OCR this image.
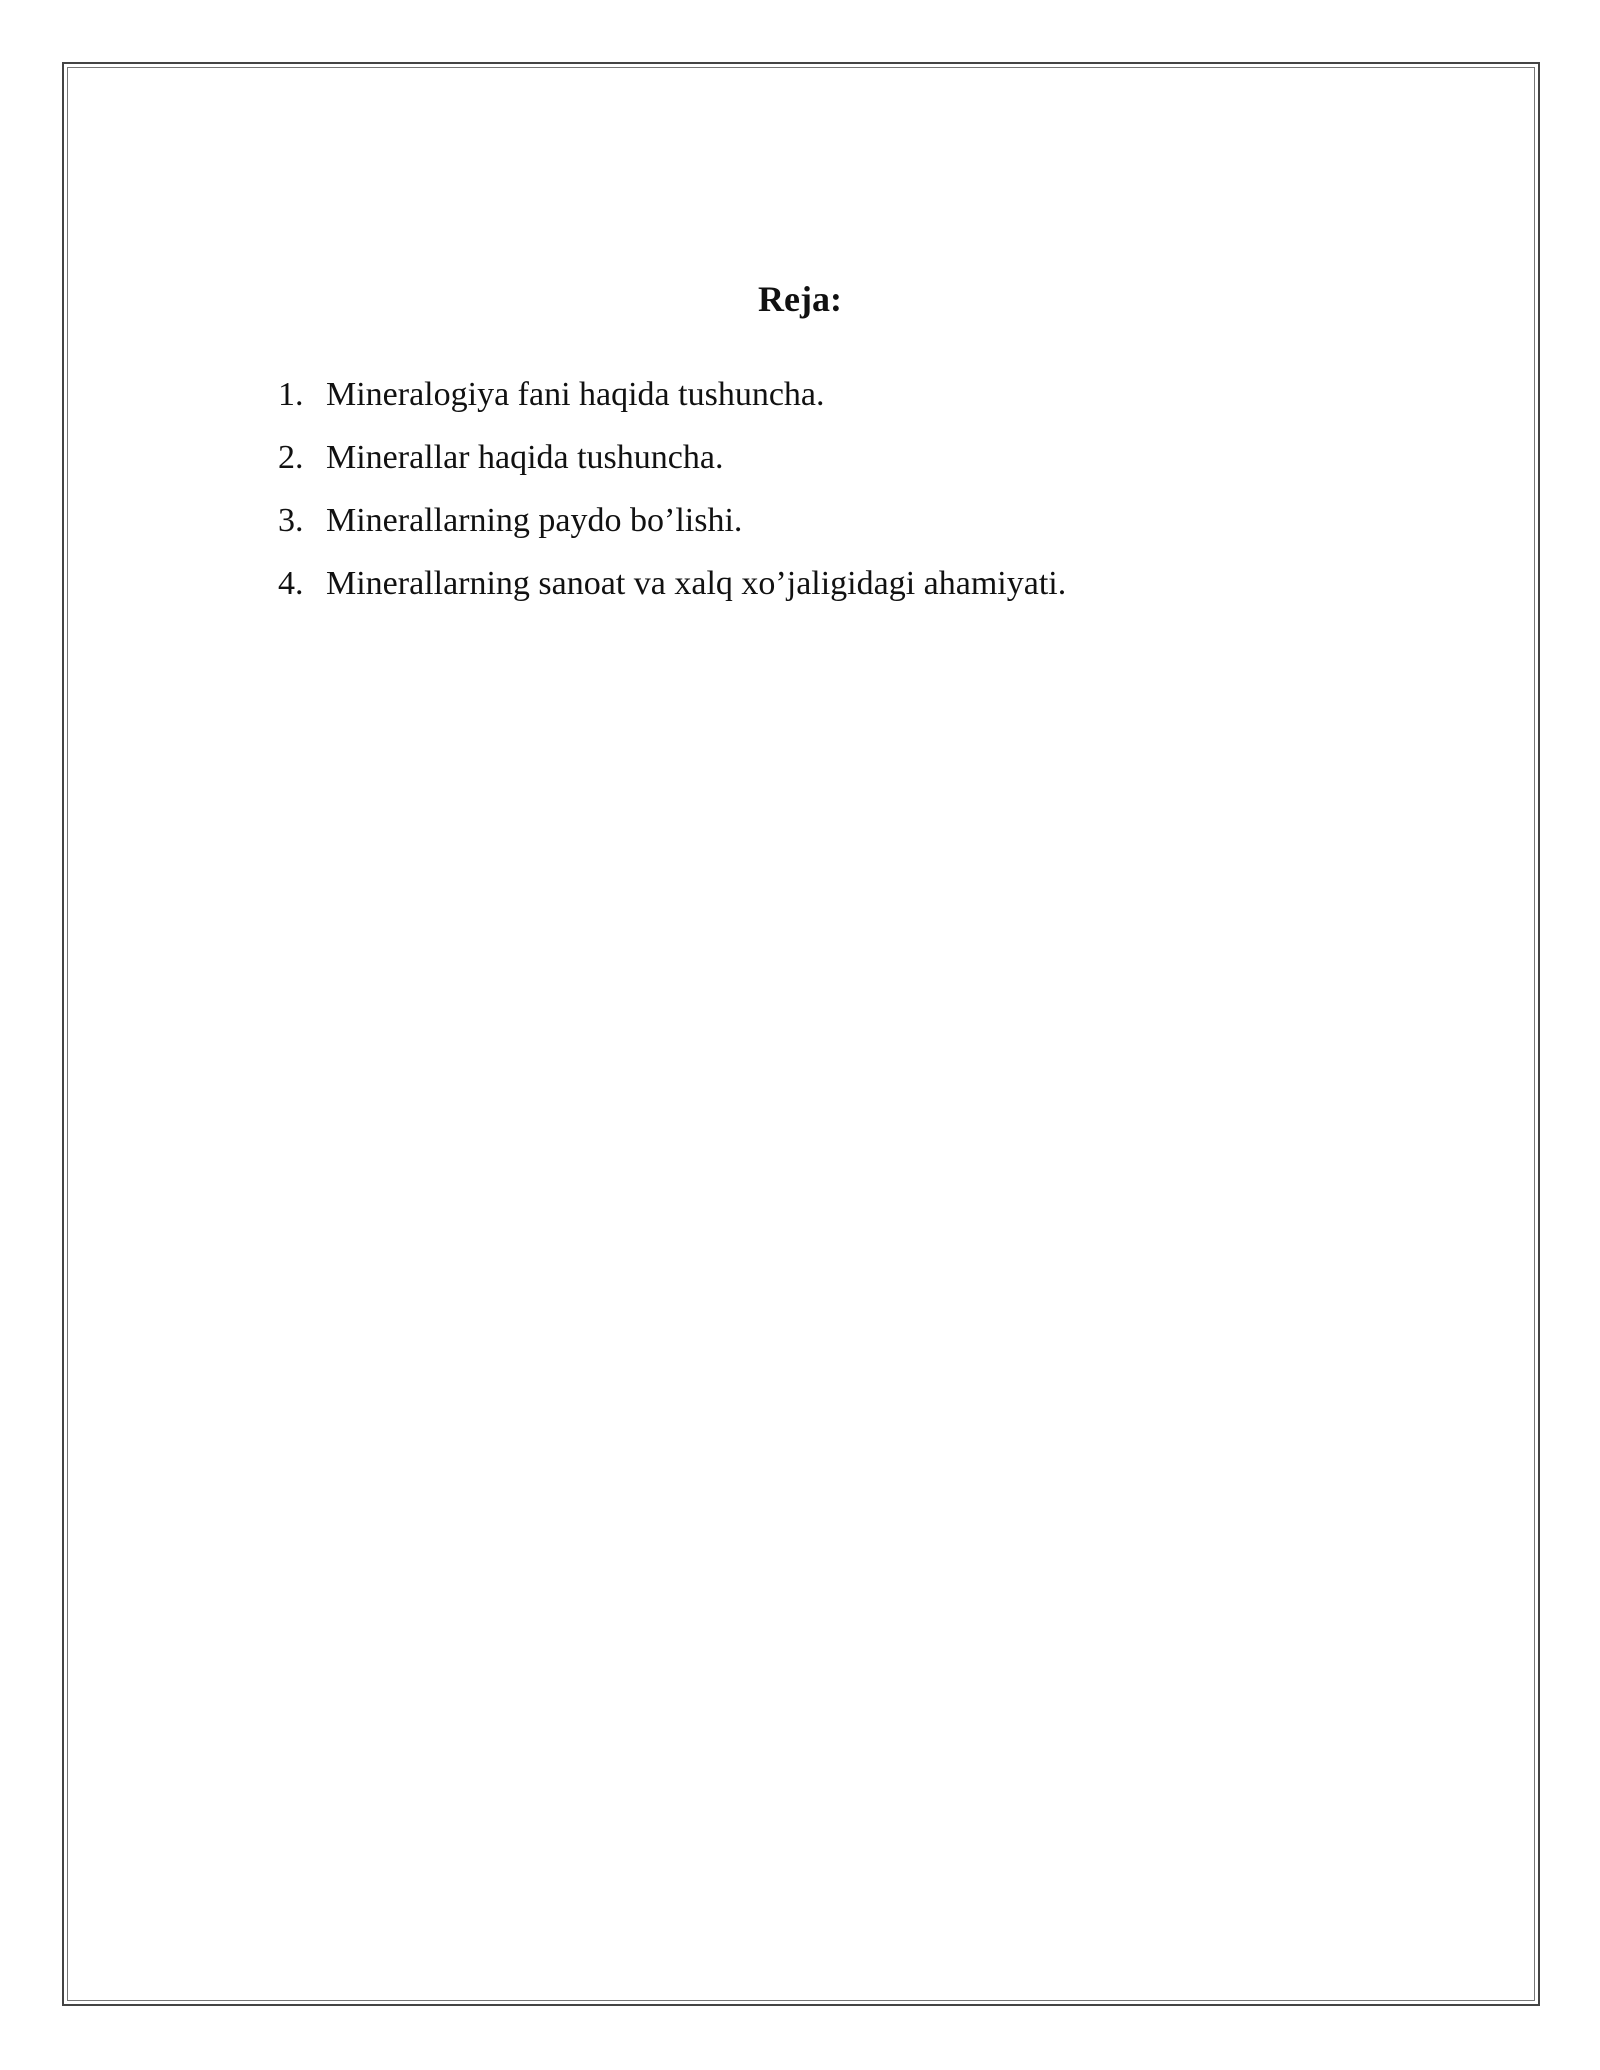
Reja:
1. Mineralogiya fani haqida tushuncha.
2. Minerallar haqida tushuncha.
3. Minerallarning paydo bo’lishi.
4. Minerallarning sanoat va xalq xo’jaligidagi ahamiyati.
